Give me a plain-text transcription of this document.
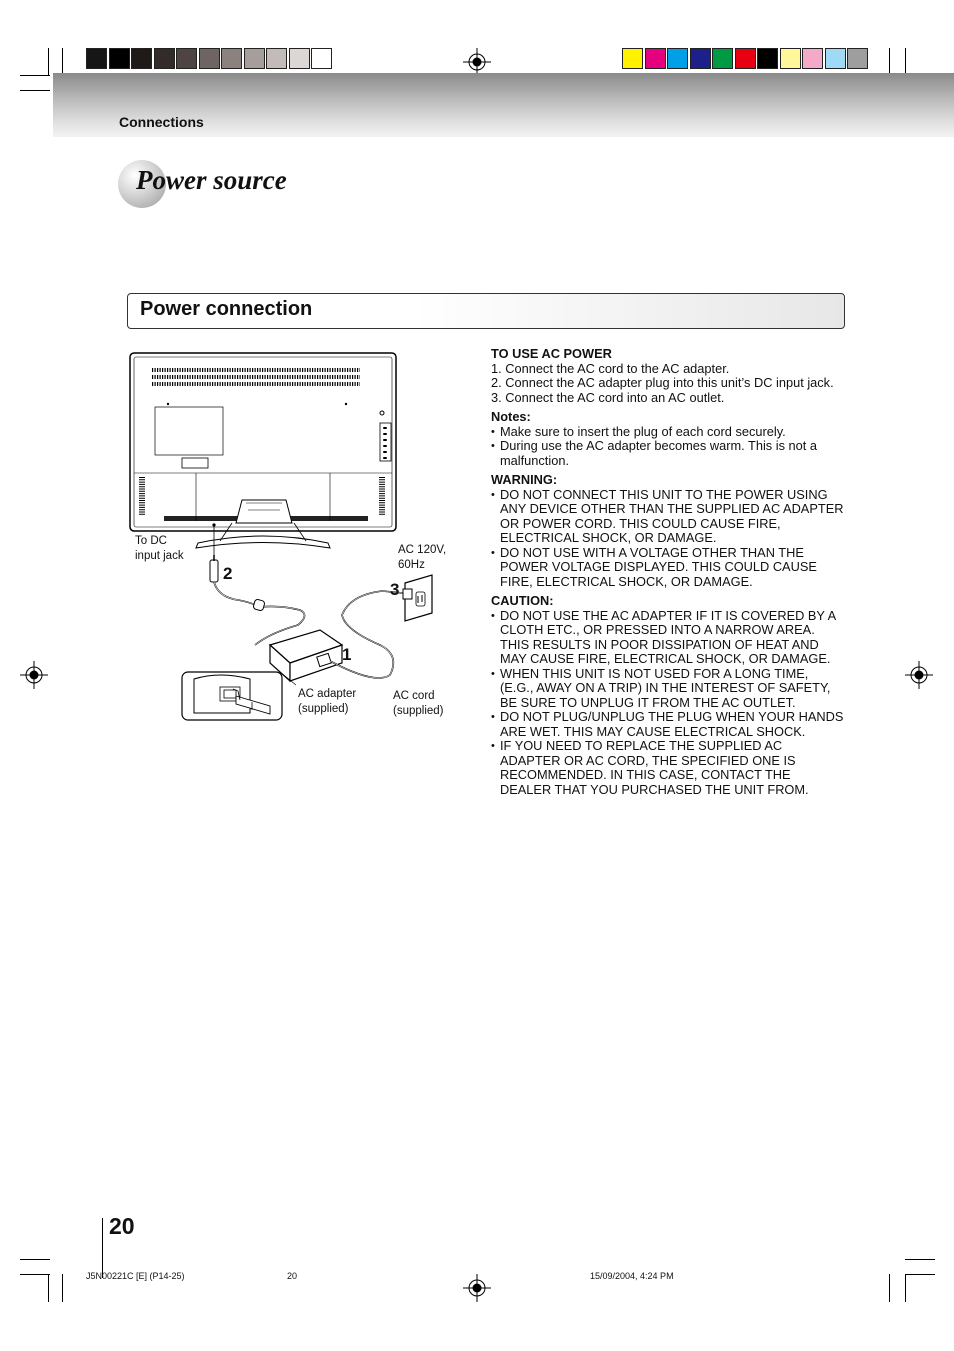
Connections
Power source
Power connection
To DC
input jack	AC 120V,
60Hz
AC adapter
(supplied)
AC cord
(supplied)
1
2
3
TO USE AC POWER
1. Connect the AC cord to the AC adapter.
2. Connect the AC adapter plug into this unit’s DC input jack.
3. Connect the AC cord into an AC outlet.
Notes:
• Make sure to insert the plug of each cord securely.
• During use the AC adapter becomes warm. This is not a
malfunction.
WARNING:
• DO NOT CONNECT THIS UNIT TO THE POWER USING
ANY DEVICE OTHER THAN THE SUPPLIED AC ADAPTER
OR POWER CORD. THIS COULD CAUSE FIRE,
ELECTRICAL SHOCK, OR DAMAGE.
• DO NOT USE WITH A VOLTAGE OTHER THAN THE
POWER VOLTAGE DISPLAYED. THIS COULD CAUSE
FIRE, ELECTRICAL SHOCK, OR DAMAGE.
CAUTION:
• DO NOT USE THE AC ADAPTER IF IT IS COVERED BY A
CLOTH ETC., OR PRESSED INTO A NARROW AREA.
THIS RESULTS IN POOR DISSIPATION OF HEAT AND
MAY CAUSE FIRE, ELECTRICAL SHOCK, OR DAMAGE.
• WHEN THIS UNIT IS NOT USED FOR A LONG TIME,
(E.G., AWAY ON A TRIP) IN THE INTEREST OF SAFETY,
BE SURE TO UNPLUG IT FROM THE AC OUTLET.
• DO NOT PLUG/UNPLUG THE PLUG WHEN YOUR HANDS
ARE WET. THIS MAY CAUSE ELECTRICAL SHOCK.
• IF YOU NEED TO REPLACE THE SUPPLIED AC
ADAPTER OR AC CORD, THE SPECIFIED ONE IS
RECOMMENDED. IN THIS CASE, CONTACT THE
DEALER THAT YOU PURCHASED THE UNIT FROM.
20
J5N00221C [E] (P14-25)	20	15/09/2004, 4:24 PM
